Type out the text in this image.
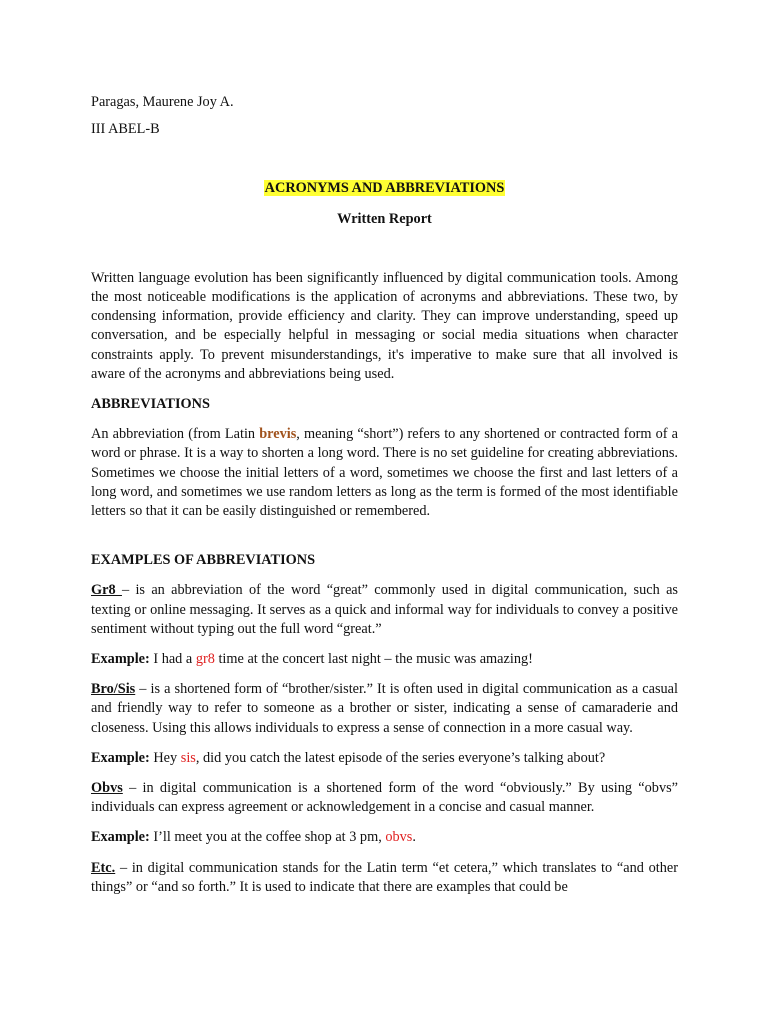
Paragas, Maurene Joy A.

III ABEL-B

ACRONYMS AND ABBREVIATIONS

Written Report

Written language evolution has been significantly influenced by digital communication tools. Among the most noticeable modifications is the application of acronyms and abbreviations. These two, by condensing information, provide efficiency and clarity. They can improve understanding, speed up conversation, and be especially helpful in messaging or social media situations when character constraints apply. To prevent misunderstandings, it's imperative to make sure that all involved is aware of the acronyms and abbreviations being used.

ABBREVIATIONS

An abbreviation (from Latin brevis, meaning “short”) refers to any shortened or contracted form of a word or phrase. It is a way to shorten a long word. There is no set guideline for creating abbreviations. Sometimes we choose the initial letters of a word, sometimes we choose the first and last letters of a long word, and sometimes we use random letters as long as the term is formed of the most identifiable letters so that it can be easily distinguished or remembered.

EXAMPLES OF ABBREVIATIONS

Gr8 – is an abbreviation of the word “great” commonly used in digital communication, such as texting or online messaging. It serves as a quick and informal way for individuals to convey a positive sentiment without typing out the full word “great.”

Example: I had a gr8 time at the concert last night – the music was amazing!

Bro/Sis – is a shortened form of “brother/sister.” It is often used in digital communication as a casual and friendly way to refer to someone as a brother or sister, indicating a sense of camaraderie and closeness. Using this allows individuals to express a sense of connection in a more casual way.

Example: Hey sis, did you catch the latest episode of the series everyone’s talking about?

Obvs – in digital communication is a shortened form of the word “obviously.” By using “obvs” individuals can express agreement or acknowledgement in a concise and casual manner.

Example: I’ll meet you at the coffee shop at 3 pm, obvs.

Etc. – in digital communication stands for the Latin term “et cetera,” which translates to “and other things” or “and so forth.” It is used to indicate that there are examples that could be
